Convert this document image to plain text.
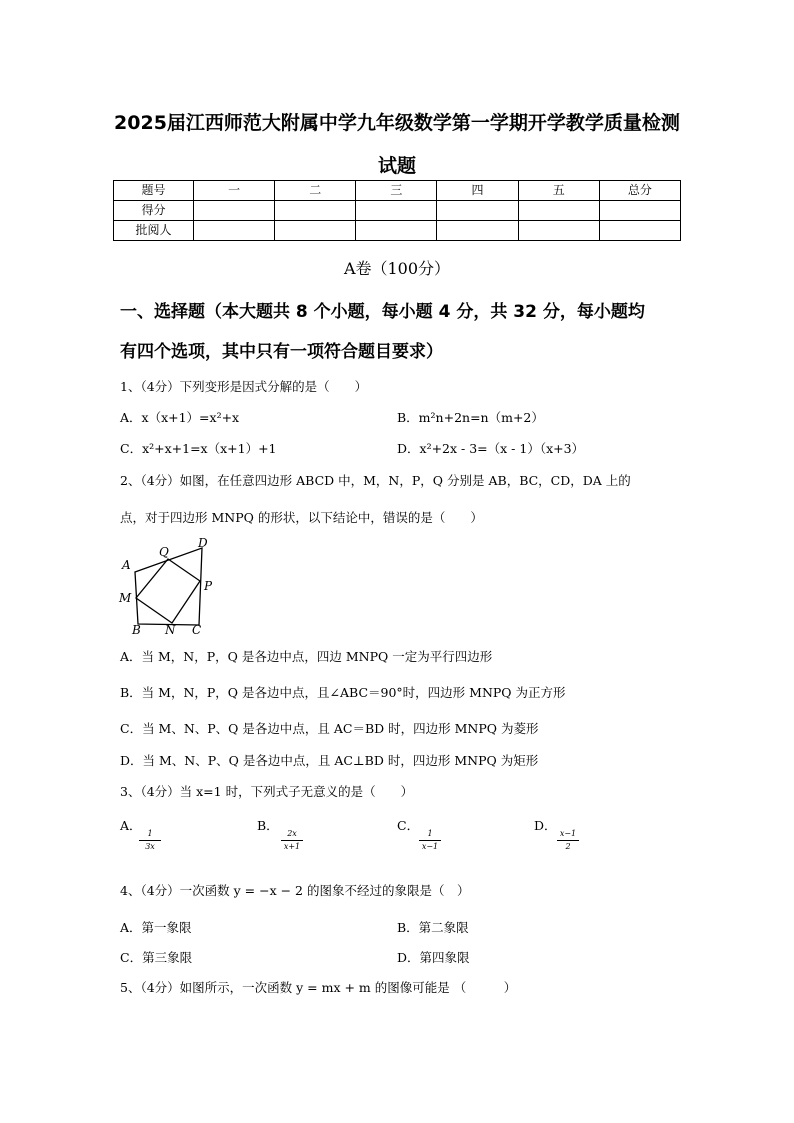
2025届江西师范大附属中学九年级数学第一学期开学教学质量检测
试题
题号	一	二	三	四	五	总分
得分						
批阅人						
A卷（100分）
一、选择题（本大题共 8 个小题，每小题 4 分，共 32 分，每小题均
有四个选项，其中只有一项符合题目要求）
1、（4分）下列变形是因式分解的是（　　）
A．x（x+1）=x²+x	B．m²n+2n=n（m+2）
C．x²+x+1=x（x+1）+1	D．x²+2x - 3=（x - 1）（x+3）
2、（4分）如图，在任意四边形 ABCD 中，M，N，P，Q 分别是 AB，BC，CD，DA 上的
点，对于四边形 MNPQ 的形状，以下结论中，错误的是（　　）
A
Q
D
P
M
B N C
A．当 M，N，P，Q 是各边中点，四边 MNPQ 一定为平行四边形
B．当 M，N，P，Q 是各边中点，且∠ABC＝90°时，四边形 MNPQ 为正方形
C．当 M、N、P、Q 是各边中点，且 AC＝BD 时，四边形 MNPQ 为菱形
D．当 M、N、P、Q 是各边中点，且 AC⊥BD 时，四边形 MNPQ 为矩形
3、（4分）当 x=1 时，下列式子无意义的是（　　）
A．
1
3x
B．
2x
x+1
C．
1
x−1
D．
x−1
2
4、（4分）一次函数 y = −x − 2 的图象不经过的象限是（　）
A．第一象限	B．第二象限
C．第三象限	D．第四象限
5、（4分）如图所示，一次函数 y = mx + m 的图像可能是 （　　　）
